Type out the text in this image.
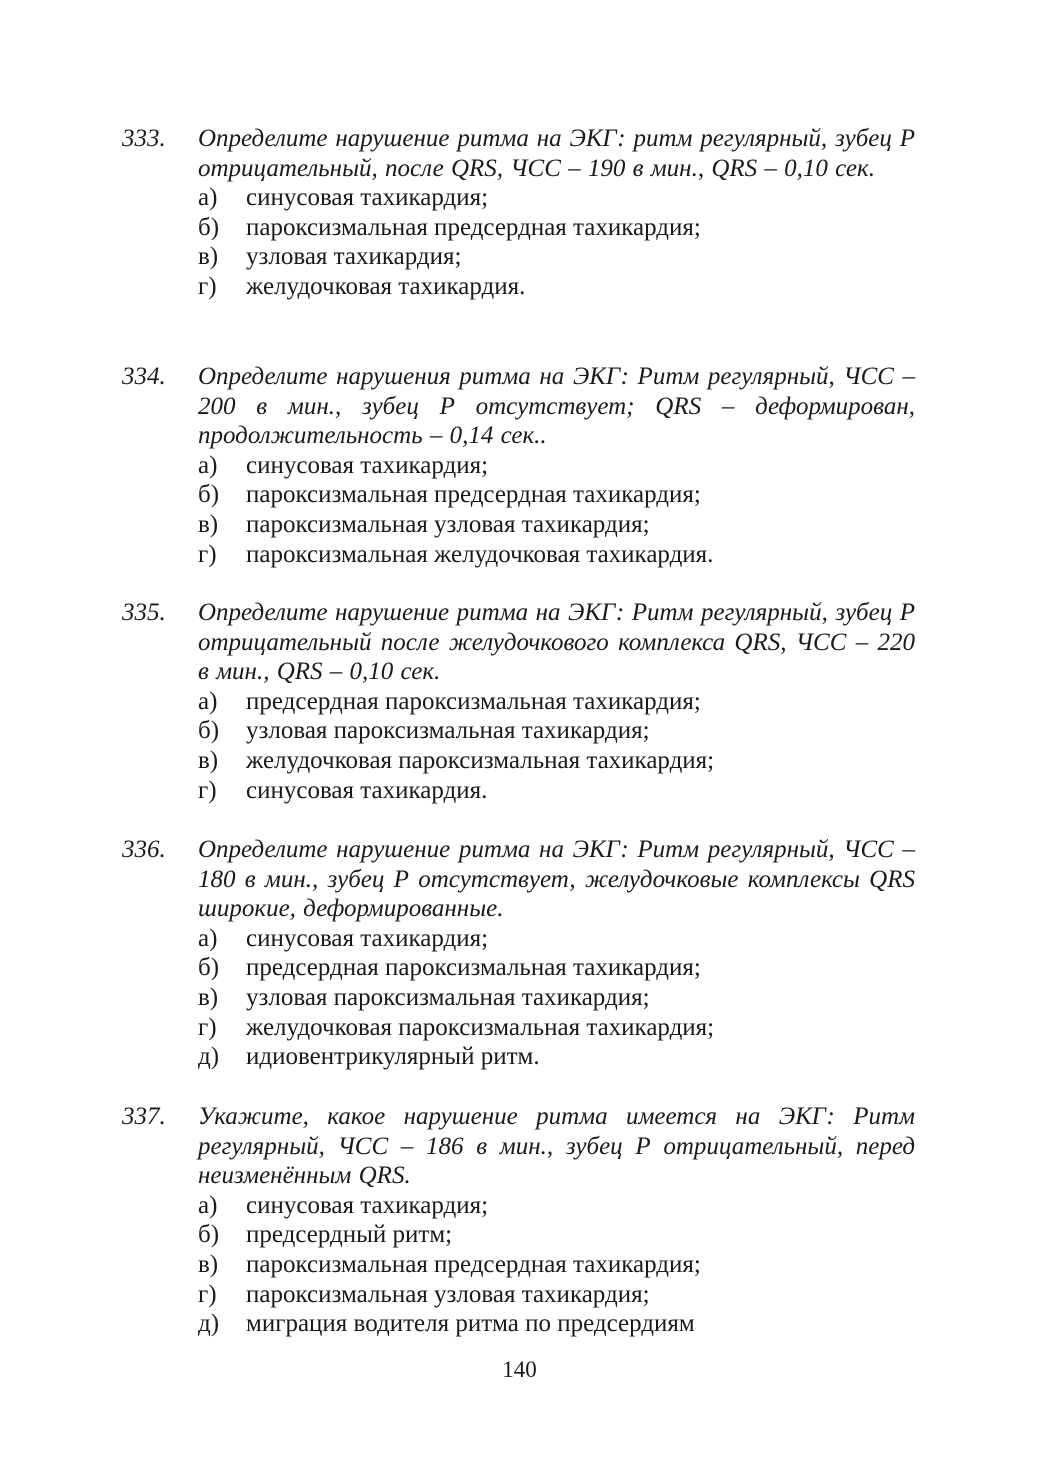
333.	Определите нарушение ритма на ЭКГ: ритм регулярный, зубец Р отрицательный, после QRS, ЧСС – 190 в мин., QRS – 0,10 сек.
а)	синусовая тахикардия;
б)	пароксизмальная предсердная тахикардия;
в)	узловая тахикардия;
г)	желудочковая тахикардия.
334.	Определите нарушения ритма на ЭКГ: Ритм регулярный, ЧСС – 200 в мин., зубец Р отсутствует; QRS – деформирован, продолжительность – 0,14 сек..
а)	синусовая тахикардия;
б)	пароксизмальная предсердная тахикардия;
в)	пароксизмальная узловая тахикардия;
г)	пароксизмальная желудочковая тахикардия.
335.	Определите нарушение ритма на ЭКГ: Ритм регулярный, зубец Р отрицательный после желудочкового комплекса QRS, ЧСС – 220 в мин., QRS – 0,10 сек.
а)	предсердная пароксизмальная тахикардия;
б)	узловая пароксизмальная тахикардия;
в)	желудочковая пароксизмальная тахикардия;
г)	синусовая тахикардия.
336.	Определите нарушение ритма на ЭКГ: Ритм регулярный, ЧСС – 180 в мин., зубец Р отсутствует, желудочковые комплексы QRS широкие, деформированные.
а)	синусовая тахикардия;
б)	предсердная пароксизмальная тахикардия;
в)	узловая пароксизмальная тахикардия;
г)	желудочковая пароксизмальная тахикардия;
д)	идиовентрикулярный ритм.
337.	Укажите, какое нарушение ритма имеется на ЭКГ: Ритм регулярный, ЧСС – 186 в мин., зубец Р отрицательный, перед неизменённым QRS.
а)	синусовая тахикардия;
б)	предсердный ритм;
в)	пароксизмальная предсердная тахикардия;
г)	пароксизмальная узловая тахикардия;
д)	миграция водителя ритма по предсердиям
140
